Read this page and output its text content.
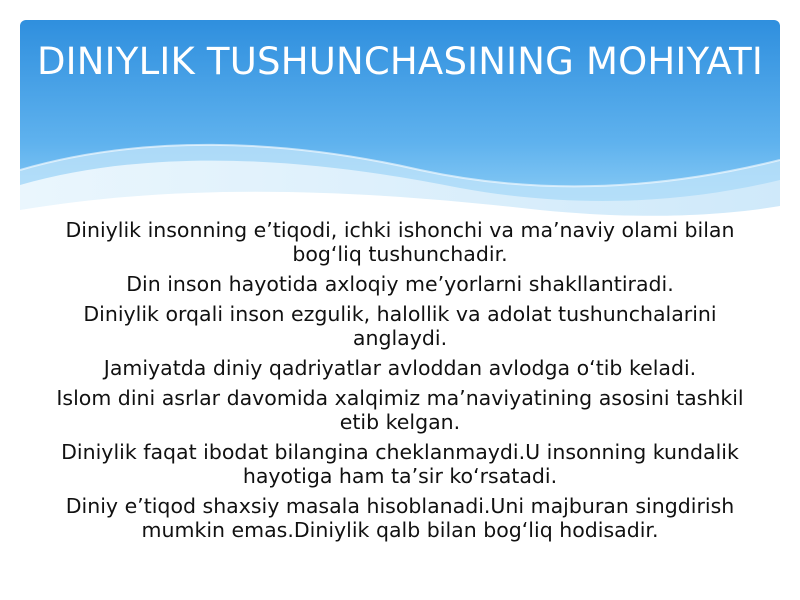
DINIYLIK TUSHUNCHASINING MOHIYATI
Diniylik insonning e’tiqodi, ichki ishonchi va ma’naviy olami bilan bog‘liq tushunchadir.
Din inson hayotida axloqiy me’yorlarni shakllantiradi.
Diniylik orqali inson ezgulik, halollik va adolat tushunchalarini anglaydi.
Jamiyatda diniy qadriyatlar avloddan avlodga o‘tib keladi.
Islom dini asrlar davomida xalqimiz ma’naviyatining asosini tashkil etib kelgan.
Diniylik faqat ibodat bilangina cheklanmaydi.U insonning kundalik hayotiga ham ta’sir ko‘rsatadi.
Diniy e’tiqod shaxsiy masala hisoblanadi.Uni majburan singdirish mumkin emas.Diniylik qalb bilan bog‘liq hodisadir.
